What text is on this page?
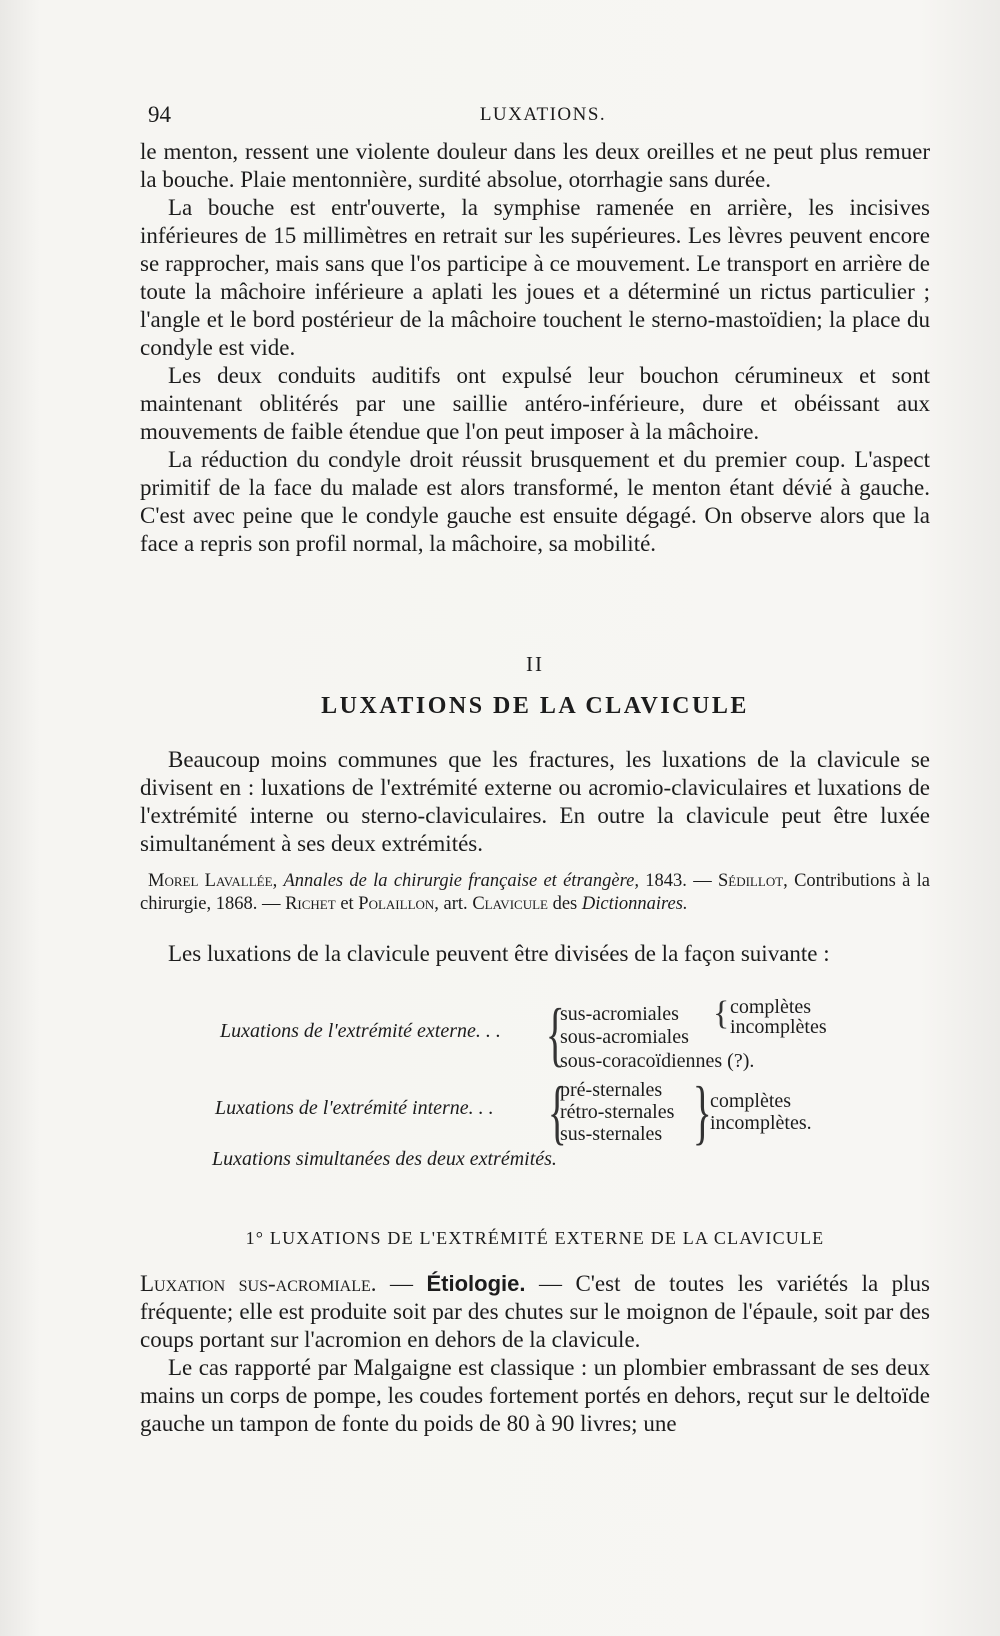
94	LUXATIONS.

le menton, ressent une violente douleur dans les deux oreilles et ne peut plus remuer la bouche. Plaie mentonnière, surdité absolue, otorrhagie sans durée.

La bouche est entr'ouverte, la symphise ramenée en arrière, les incisives inférieures de 15 millimètres en retrait sur les supérieures. Les lèvres peuvent encore se rapprocher, mais sans que l'os participe à ce mouvement. Le transport en arrière de toute la mâchoire inférieure a aplati les joues et a déterminé un rictus particulier ; l'angle et le bord postérieur de la mâchoire touchent le sterno-mastoïdien; la place du condyle est vide.

Les deux conduits auditifs ont expulsé leur bouchon cérumineux et sont maintenant oblitérés par une saillie antéro-inférieure, dure et obéissant aux mouvements de faible étendue que l'on peut imposer à la mâchoire.

La réduction du condyle droit réussit brusquement et du premier coup. L'aspect primitif de la face du malade est alors transformé, le menton étant dévié à gauche. C'est avec peine que le condyle gauche est ensuite dégagé. On observe alors que la face a repris son profil normal, la mâchoire, sa mobilité.

II
LUXATIONS DE LA CLAVICULE

Beaucoup moins communes que les fractures, les luxations de la clavicule se divisent en : luxations de l'extrémité externe ou acromio-claviculaires et luxations de l'extrémité interne ou sterno-claviculaires. En outre la clavicule peut être luxée simultanément à ses deux extrémités.

Morel Lavallée, Annales de la chirurgie française et étrangère, 1843. — Sédillot, Contributions à la chirurgie, 1868. — Richet et Polaillon, art. Clavicule des Dictionnaires.

Les luxations de la clavicule peuvent être divisées de la façon suivante :

Luxations de l'extrémité externe. . . {
sus-acromiales { complètes
incomplètes
sous-acromiales
sous-coracoïdiennes (?).
Luxations de l'extrémité interne. . . {
pré-sternales
rétro-sternales
sus-sternales {
complètes
incomplètes.
Luxations simultanées des deux extrémités.
1° LUXATIONS DE L'EXTRÉMITÉ EXTERNE DE LA CLAVICULE

Luxation sus-acromiale. — Étiologie. — C'est de toutes les variétés la plus fréquente; elle est produite soit par des chutes sur le moignon de l'épaule, soit par des coups portant sur l'acromion en dehors de la clavicule.

Le cas rapporté par Malgaigne est classique : un plombier embrassant de ses deux mains un corps de pompe, les coudes fortement portés en dehors, reçut sur le deltoïde gauche un tampon de fonte du poids de 80 à 90 livres; une
